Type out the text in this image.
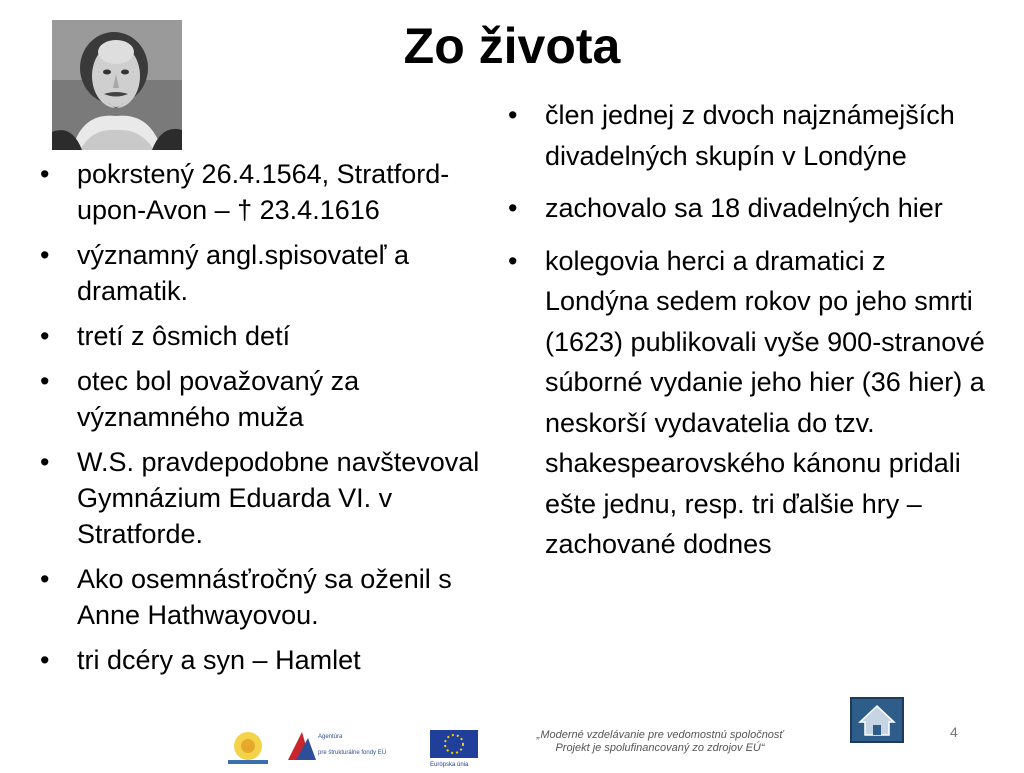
Zo života
• pokrstený 26.4.1564, Stratford-upon-Avon – † 23.4.1616
• významný angl.spisovateľ a dramatik.
• tretí z ôsmich detí
• otec bol považovaný za významného muža
• W.S. pravdepodobne navštevoval Gymnázium Eduarda VI. v Stratforde.
• Ako osemnásťročný sa oženil s Anne Hathwayovou.
• tri dcéry a syn – Hamlet
• člen jednej z dvoch najznámejších divadelných skupín v Londýne
• zachovalo sa 18 divadelných hier
• kolegovia herci a dramatici z Londýna sedem rokov po jeho smrti (1623) publikovali vyše 900-stranové súborné vydanie jeho hier (36 hier) a neskorší vydavatelia do tzv. shakespearovského kánonu pridali ešte jednu, resp. tri ďalšie hry – zachované dodnes
Agentúra
pre štrukturálne fondy EÚ
Európska únia
„Moderné vzdelávanie pre vedomostnú spoločnosť
Projekt je spolufinancovaný zo zdrojov EÚ“
4
